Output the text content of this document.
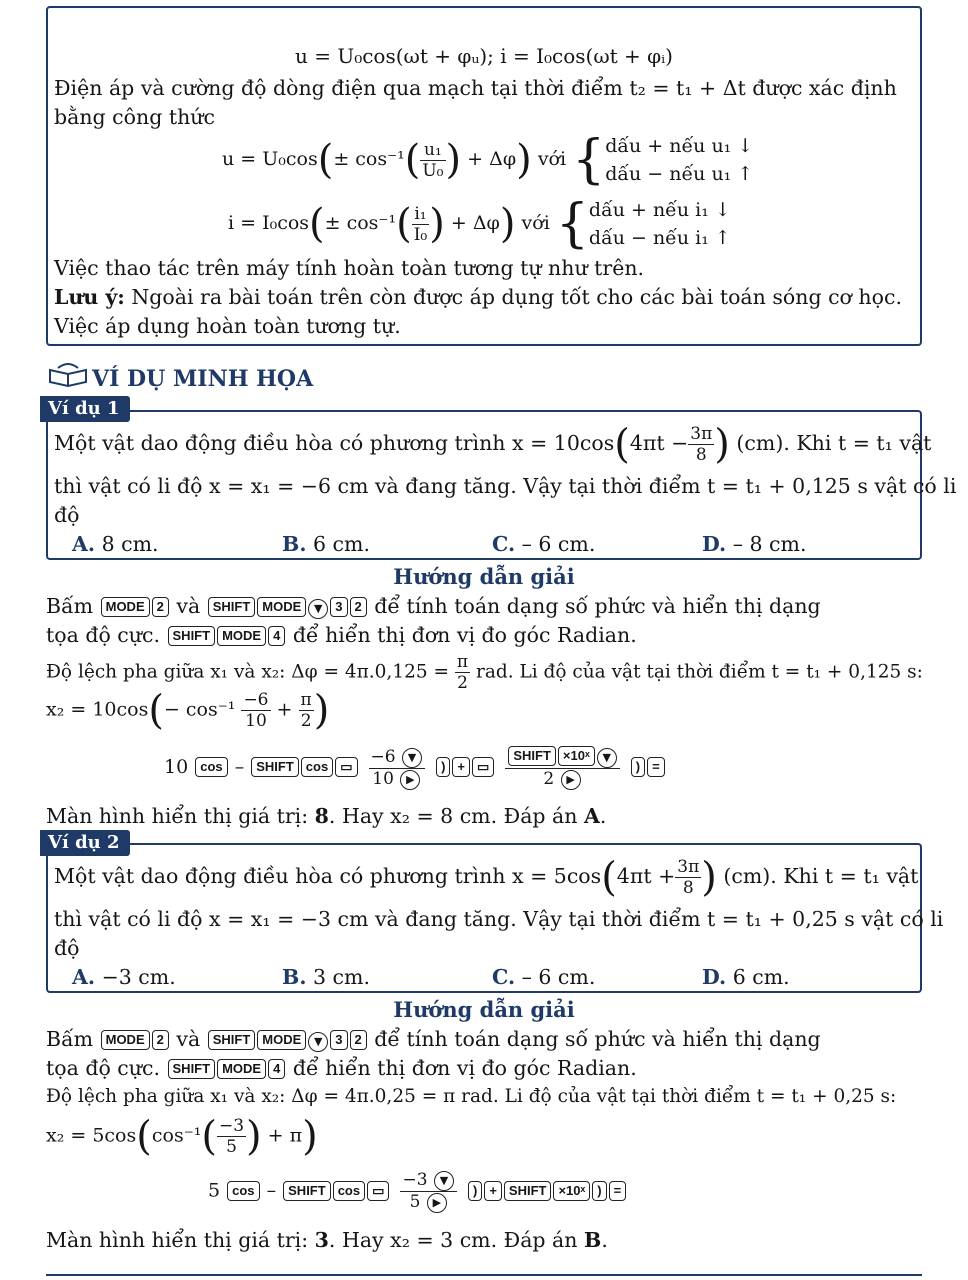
u = U₀cos(ωt + φᵤ); i = I₀cos(ωt + φᵢ)
Điện áp và cường độ dòng điện qua mạch tại thời điểm t₂ = t₁ + Δt được xác định
bằng công thức
$u = U_0\cos(\pm \cos^{-1}( \frac{\text{u₁}}{\text{U₀}}$ ) + Δφ) với { dấu + nếu u₁ ↓
dấu − nếu u₁ ↑
$i = I_0\cos(\pm \cos^{-1}( \frac{\text{i₁}}{\text{I₀}}$ ) + Δφ) với { dấu + nếu i₁ ↓
dấu − nếu i₁ ↑
Việc thao tác trên máy tính hoàn toàn tương tự như trên.
Lưu ý: Ngoài ra bài toán trên còn được áp dụng tốt cho các bài toán sóng cơ học.
Việc áp dụng hoàn toàn tương tự.
VÍ DỤ MINH HỌA
Ví dụ 1
Một vật dao động điều hòa có phương trình $x = 10\cos(4\pi t - \frac{3\pi}{8}$ ) (cm). Khi t = t₁ vật
thì vật có li độ x = x₁ = −6 cm và đang tăng. Vậy tại thời điểm t = t₁ + 0,125 s vật có li
độ
A. 8 cm.	B. 6 cm.	C. – 6 cm.	D. – 8 cm.
Hướng dẫn giải
Bấm MODE 2 và SHIFT MODE ▼ 3 2 để tính toán dạng số phức và hiển thị dạng
tọa độ cực. SHIFT MODE 4 để hiển thị đơn vị đo góc Radian.
Độ lệch pha giữa x₁ và x₂: $\Delta\varphi = 4\pi.0,125 = \frac{\pi}{2}$ rad. Li độ của vật tại thời điểm t = t₁ + 0,125 s:
$x_2 = 10\cos(- \cos^{-1} \frac{-6}{10} + \frac{\pi}{2}$ )
10 cos – SHIFT cos ▭ $\frac{-6 ▼}{10 ▶}$ ) + ▭ $\frac{\text{SHIFT ×10ˣ ▼}}{2 ▶}$ ) =
Màn hình hiển thị giá trị: 8. Hay x₂ = 8 cm. Đáp án A.
Ví dụ 2
Một vật dao động điều hòa có phương trình $x = 5\cos(4\pi t + \frac{3\pi}{8}$ ) (cm). Khi t = t₁ vật
thì vật có li độ x = x₁ = −3 cm và đang tăng. Vậy tại thời điểm t = t₁ + 0,25 s vật có li
độ
A. −3 cm.	B. 3 cm.	C. – 6 cm.	D. 6 cm.
Hướng dẫn giải
Bấm MODE 2 và SHIFT MODE ▼ 3 2 để tính toán dạng số phức và hiển thị dạng
tọa độ cực. SHIFT MODE 4 để hiển thị đơn vị đo góc Radian.
Độ lệch pha giữa x₁ và x₂: Δφ = 4π.0,25 = π rad. Li độ của vật tại thời điểm t = t₁ + 0,25 s:
$x_2 = 5\cos(\cos^{-1}( \frac{-3}{5}$ ) + π)
5 cos – SHIFT cos ▭ $\frac{-3 ▼}{5 ▶}$ ) + SHIFT ×10ˣ ) =
Màn hình hiển thị giá trị: 3. Hay x₂ = 3 cm. Đáp án B.
